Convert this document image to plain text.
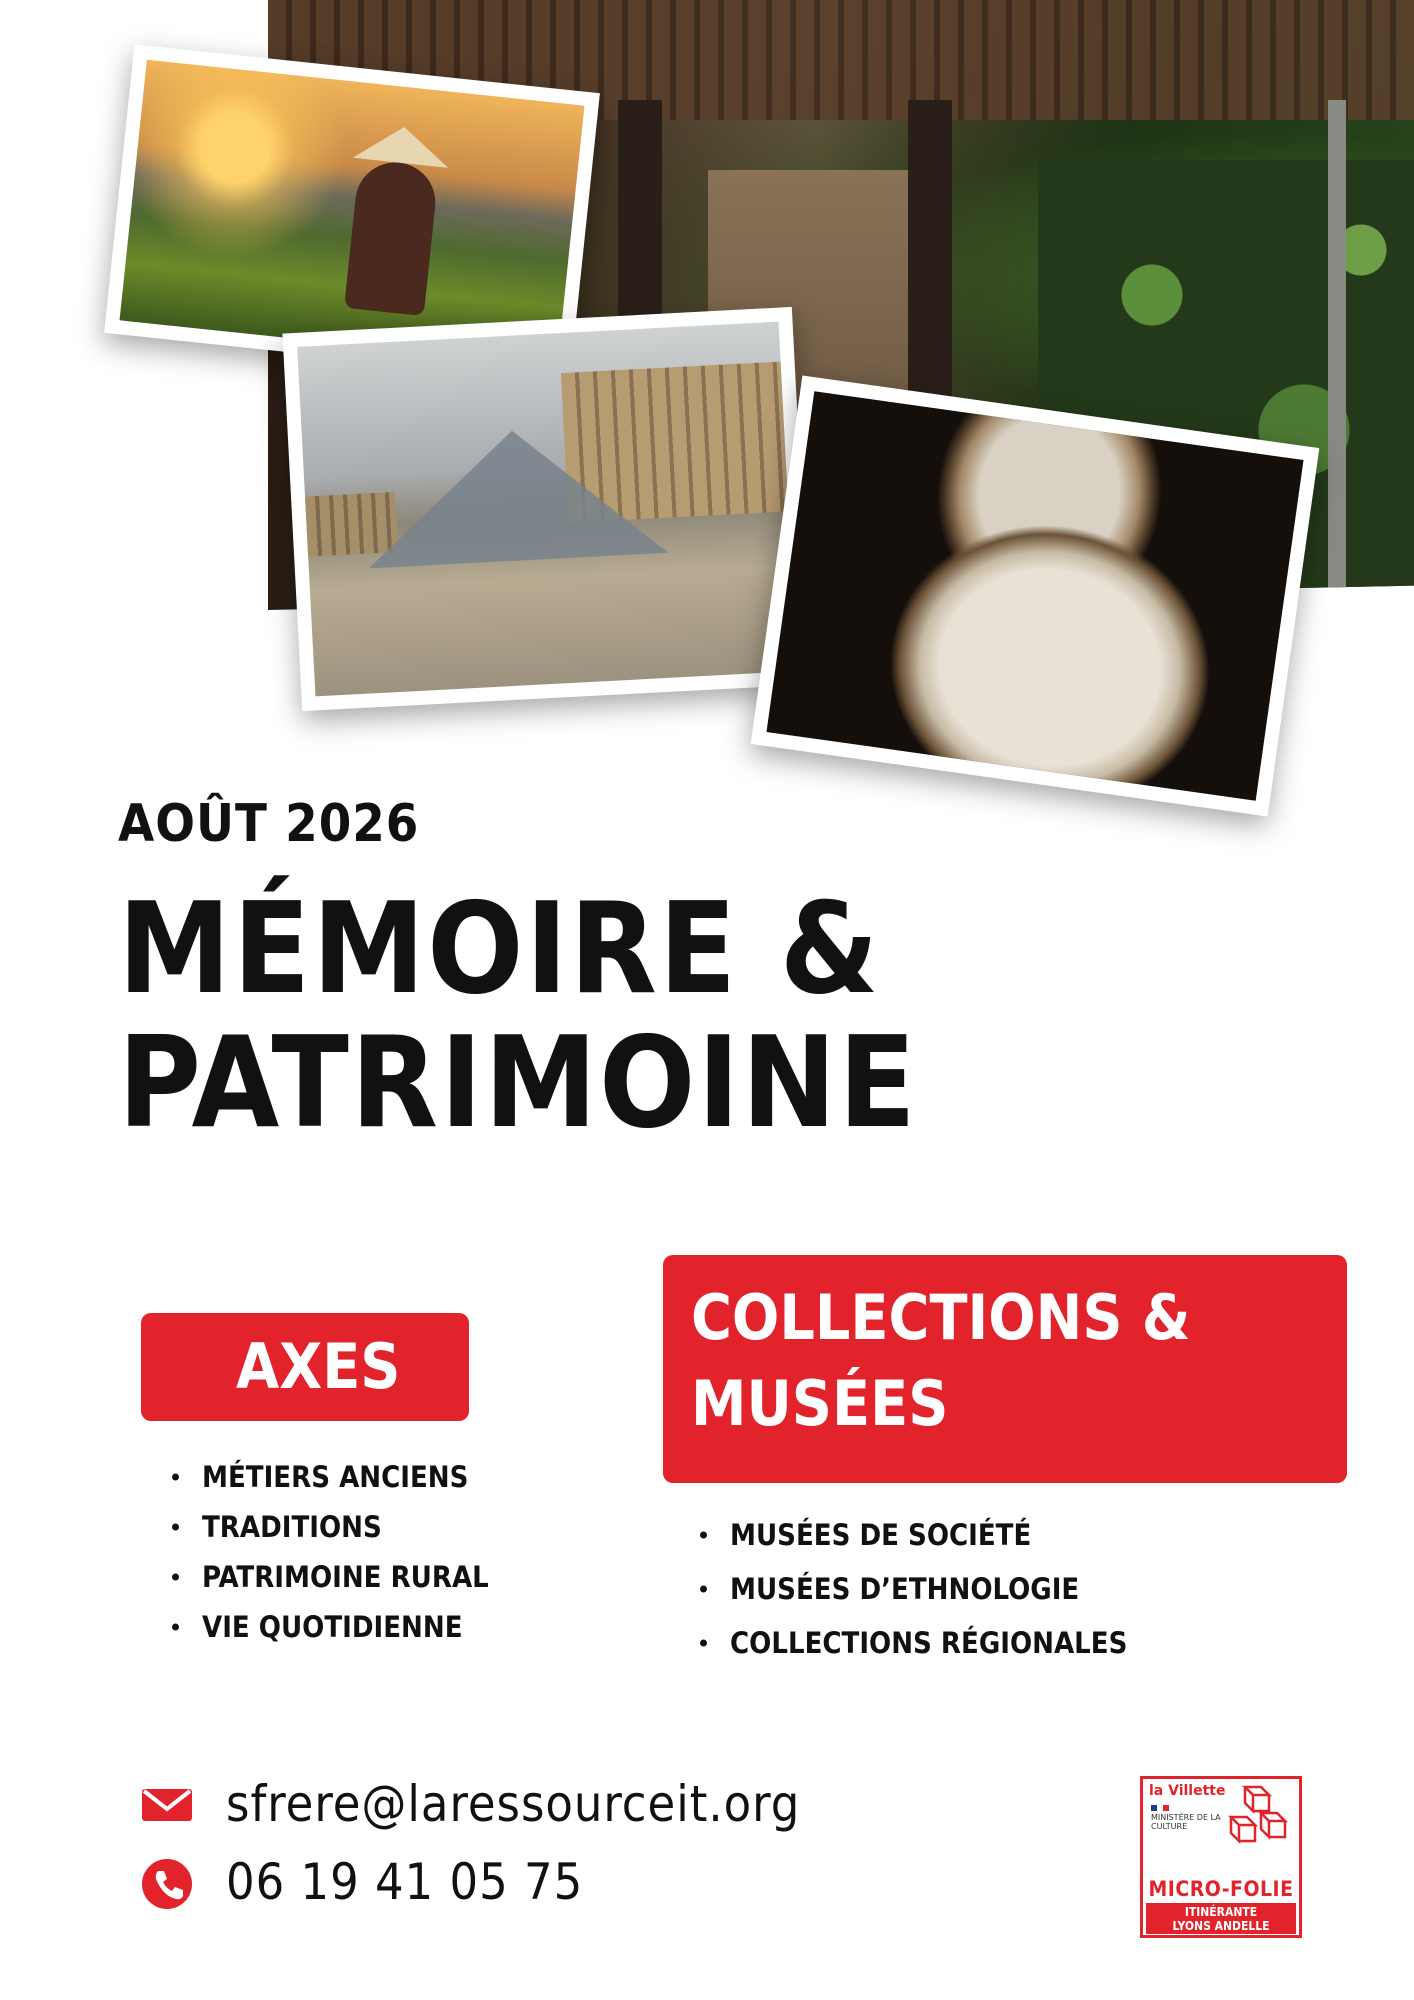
AOÛT 2026
MÉMOIRE &
PATRIMOINE
AXES
MÉTIERS ANCIENS
TRADITIONS
PATRIMOINE RURAL
VIE QUOTIDIENNE
COLLECTIONS &
MUSÉES
MUSÉES DE SOCIÉTÉ
MUSÉES D’ETHNOLOGIE
COLLECTIONS RÉGIONALES
sfrere@laressourceit.org
06 19 41 05 75
la Villette
MINISTÈRE DE LA CULTURE
MICRO-FOLIE
ITINÉRANTE
LYONS ANDELLE
